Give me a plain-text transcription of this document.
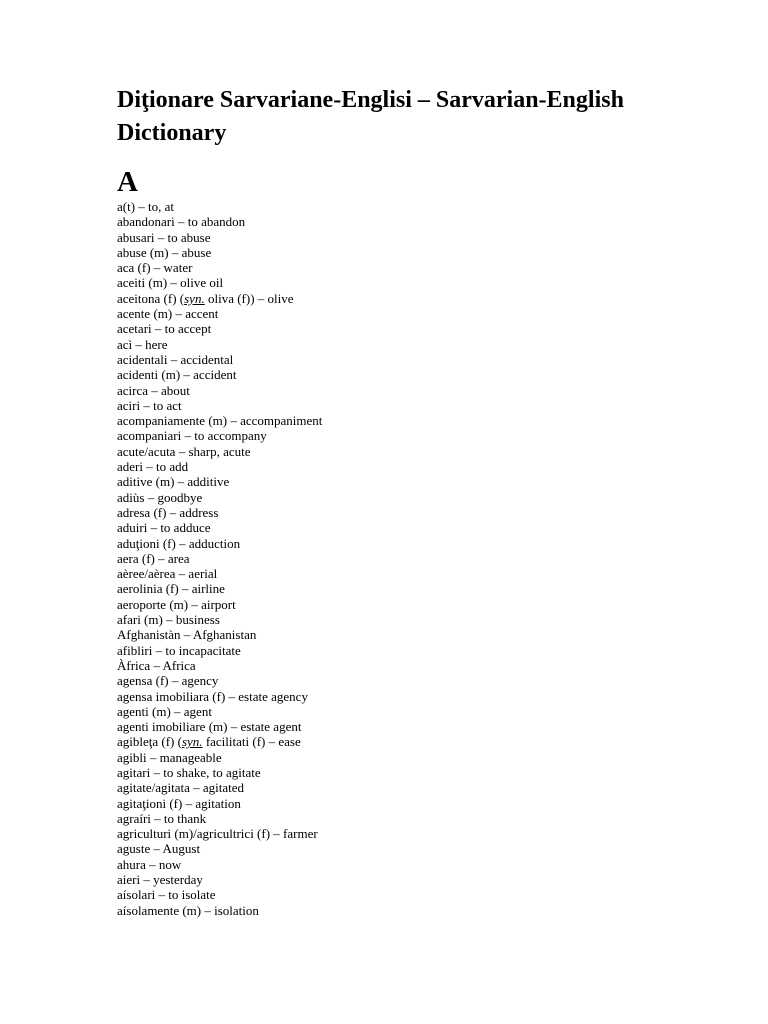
Diţionare Sarvariane-Englisi – Sarvarian-English Dictionary
A
a(t) – to, at
abandonari – to abandon
abusari – to abuse
abuse (m) – abuse
aca (f) – water
aceiti (m) – olive oil
aceitona (f) (syn. oliva (f)) – olive
acente (m) – accent
acetari – to accept
acì – here
acidentali – accidental
acidenti (m) – accident
acirca – about
aciri – to act
acompaniamente (m) – accompaniment
acompaniari – to accompany
acute/acuta – sharp, acute
aderi – to add
aditive (m) – additive
adiùs – goodbye
adresa (f) – address
aduiri – to adduce
aduţioni (f) – adduction
aera (f) – area
aèree/aèrea – aerial
aerolinia (f) – airline
aeroporte (m) – airport
afari (m) – business
Afghanistàn – Afghanistan
afibliri – to incapacitate
Àfrica – Africa
agensa (f) – agency
agensa imobiliara (f) – estate agency
agenti (m) – agent
agenti imobiliare (m) – estate agent
agibleţa (f) (syn. facilitati (f) – ease
agibli – manageable
agitari – to shake, to agitate
agitate/agitata – agitated
agitaţioni (f) – agitation
agraíri – to thank
agriculturi (m)/agricultrici (f) – farmer
aguste – August
ahura – now
aieri – yesterday
aísolari – to isolate
aísolamente (m) – isolation
